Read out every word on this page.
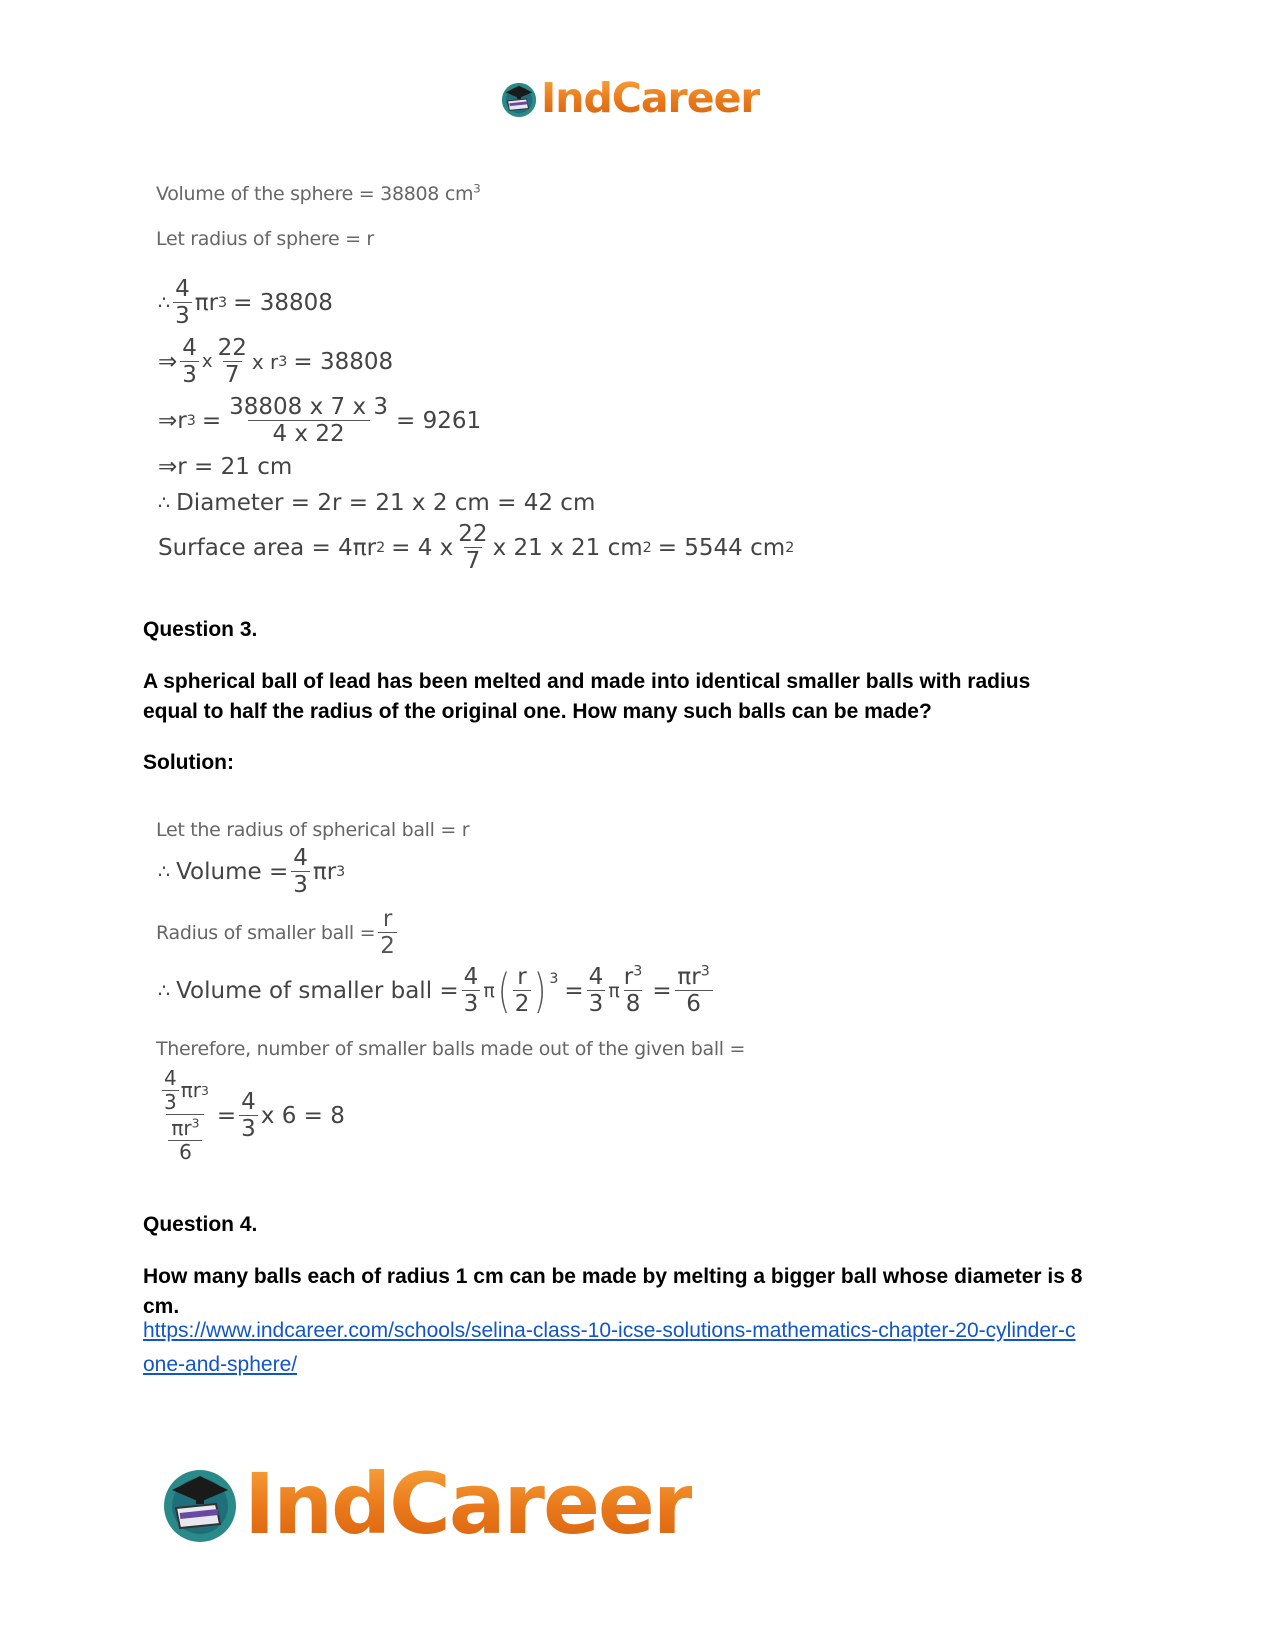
IndCareer
Volume of the sphere = 38808 $cm^3$
Let radius of sphere = r
∴ $\frac{4}{3}$ πr 3 = 38808
⇒ $\frac{4}{3}$ x $\frac{22}{7}$ x r 3 = 38808
⇒ r $3 = \frac{38808 x 7 x 3}{4 x 22} = 9261$
⇒ r = 21 cm
∴ Diameter = 2r = 21 x 2 cm = 42 cm
Surface area = 4πr 2 = 4 x $\frac{22}{7}$ x 21 x 21 cm 2 = 5544 cm 2
Question 3.
A spherical ball of lead has been melted and made into identical smaller balls with radius equal to half the radius of the original one. How many such balls can be made?
Solution:
Let the radius of spherical ball = r
∴ Volume = $\frac{4}{3}$ πr 3
Radius of smaller ball = $\frac{r}{2}$
∴ Volume of smaller ball = $\frac{4}{3}$ π ( $\frac{r}{2}$ ) $3 = \frac{4}{3}$ π $\frac{r^3}{8} = \frac{\pi r^3}{6}$
Therefore, number of smaller balls made out of the given ball =
$\frac{\frac{4}{3} \pi r 3}{\frac{\pi r^3}{6}} = \frac{4}{3}$ x 6 = 8
Question 4.
How many balls each of radius 1 cm can be made by melting a bigger ball whose diameter is 8 cm.
https://www.indcareer.com/schools/selina-class-10-icse-solutions-mathematics-chapter-20-cylinder-cone-and-sphere/
IndCareer
